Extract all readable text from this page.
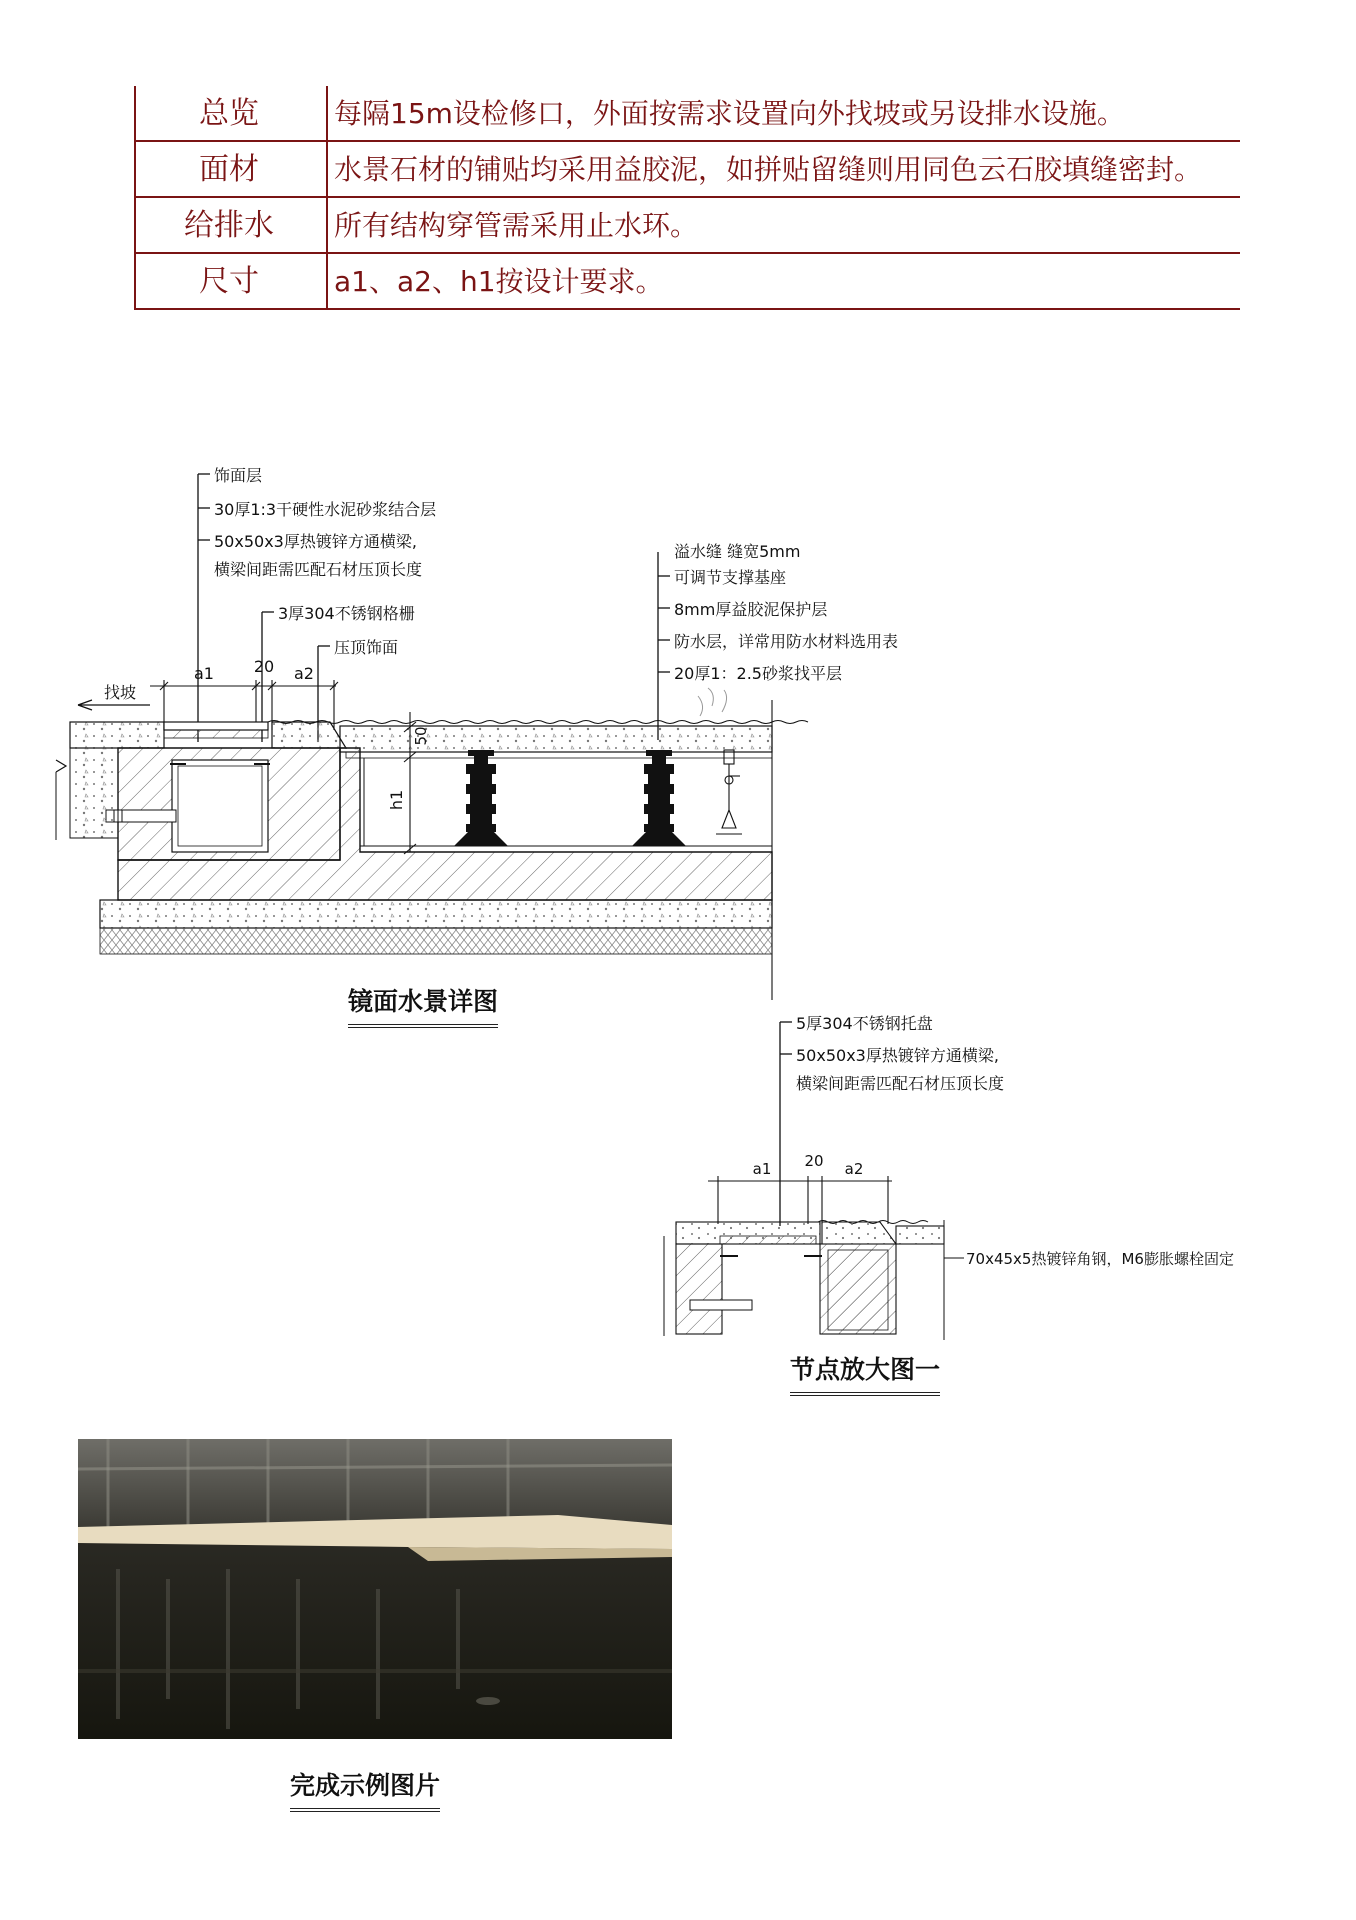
总览	每隔15m设检修口，外面按需求设置向外找坡或另设排水设施。
面材	水景石材的铺贴均采用益胶泥，如拼贴留缝则用同色云石胶填缝密封。
给排水	所有结构穿管需采用止水环。
尺寸	a1、a2、h1按设计要求。
饰面层
30厚1:3干硬性水泥砂浆结合层
50x50x3厚热镀锌方通横梁,
横梁间距需匹配石材压顶长度
3厚304不锈钢格栅
压顶饰面
溢水缝 缝宽5mm
可调节支撑基座
8mm厚益胶泥保护层
防水层，详常用防水材料选用表
20厚1：2.5砂浆找平层
a1 20 a2
找坡
50
h1
镜面水景详图
5厚304不锈钢托盘
50x50x3厚热镀锌方通横梁,
横梁间距需匹配石材压顶长度
a1 20 a2
70x45x5热镀锌角钢，M6膨胀螺栓固定
节点放大图一
完成示例图片
